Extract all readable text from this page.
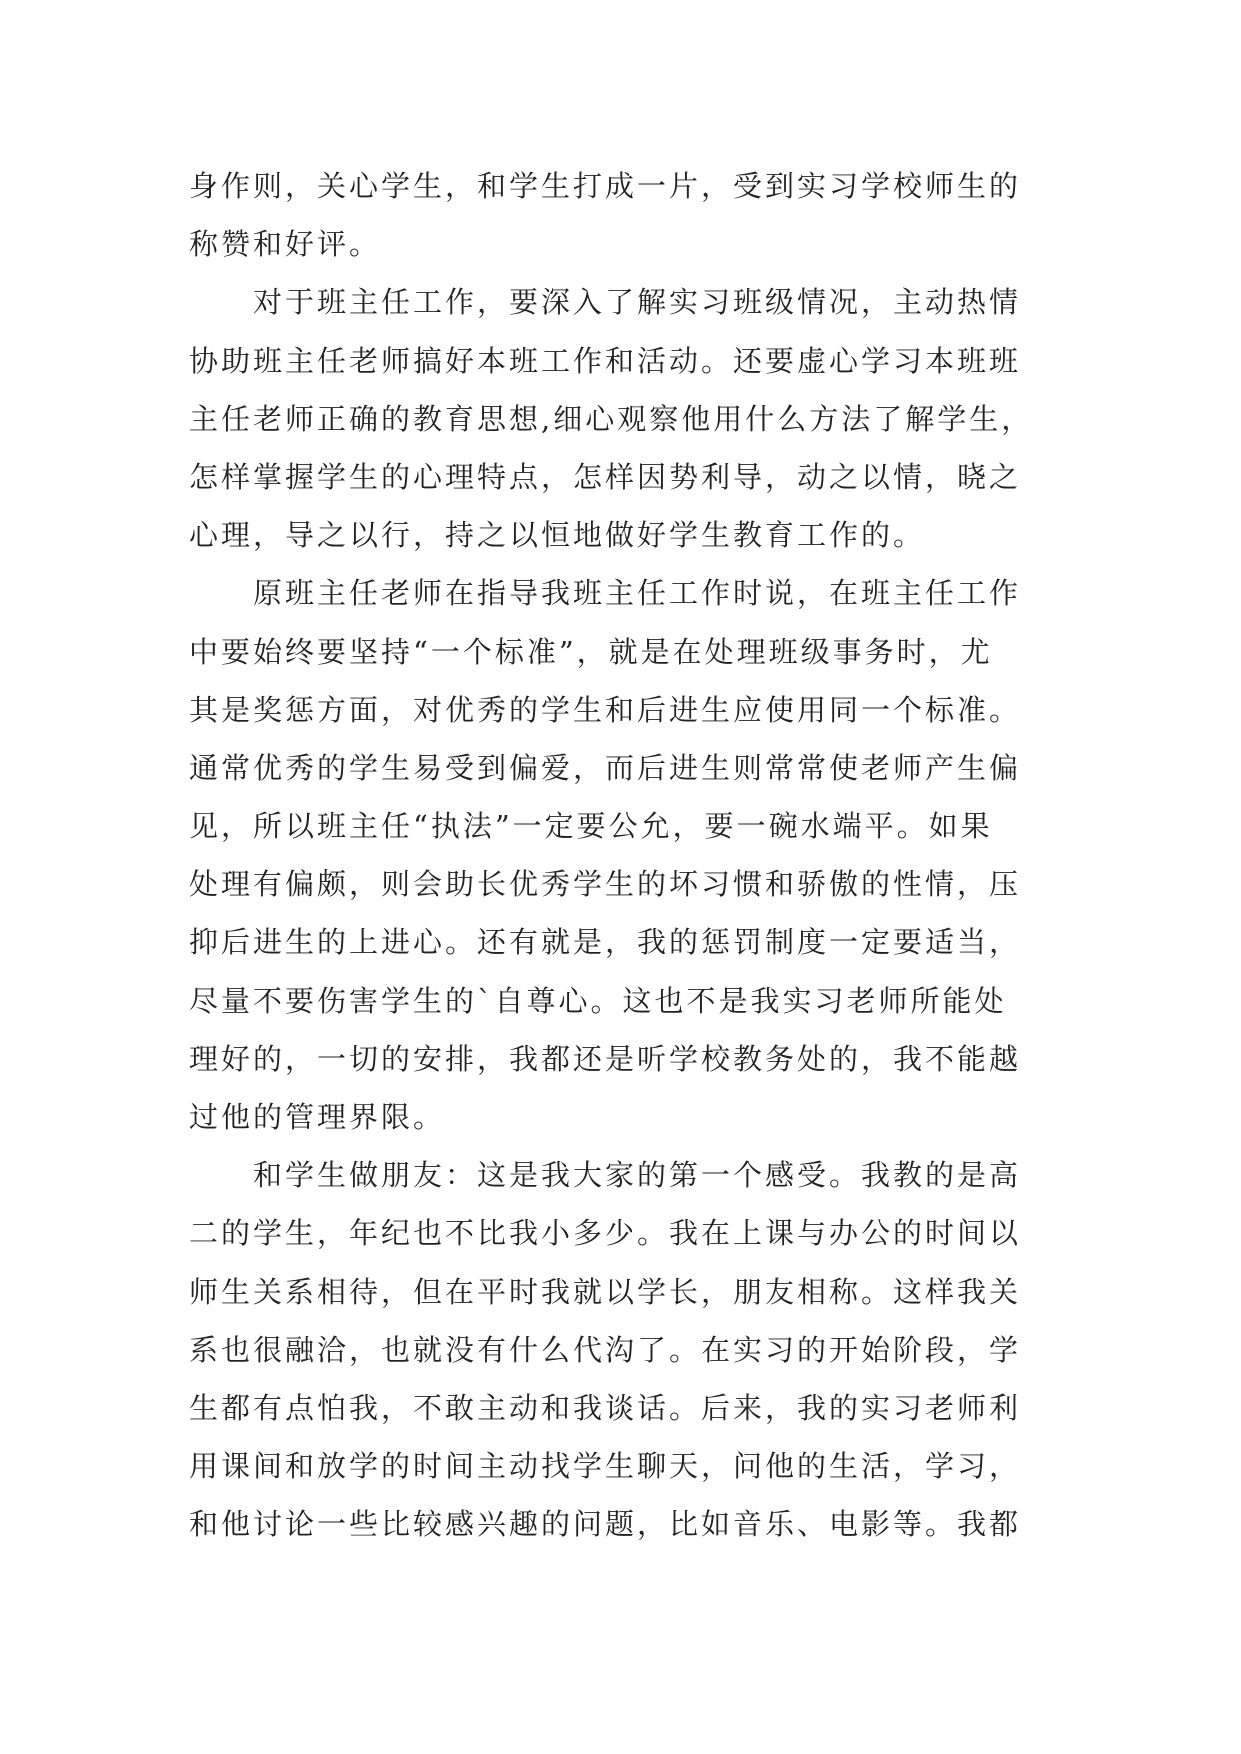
身作则，关心学生，和学生打成一片，受到实习学校师生的
称赞和好评。
　　对于班主任工作，要深入了解实习班级情况，主动热情
协助班主任老师搞好本班工作和活动。还要虚心学习本班班
主任老师正确的教育思想,细心观察他用什么方法了解学生，
怎样掌握学生的心理特点，怎样因势利导，动之以情，晓之
心理，导之以行，持之以恒地做好学生教育工作的。
　　原班主任老师在指导我班主任工作时说，在班主任工作
中要始终要坚持“一个标准”，就是在处理班级事务时，尤
其是奖惩方面，对优秀的学生和后进生应使用同一个标准。
通常优秀的学生易受到偏爱，而后进生则常常使老师产生偏
见，所以班主任“执法”一定要公允，要一碗水端平。如果
处理有偏颇，则会助长优秀学生的坏习惯和骄傲的性情，压
抑后进生的上进心。还有就是，我的惩罚制度一定要适当，
尽量不要伤害学生的`自尊心。这也不是我实习老师所能处
理好的，一切的安排，我都还是听学校教务处的，我不能越
过他的管理界限。
　　和学生做朋友：这是我大家的第一个感受。我教的是高
二的学生，年纪也不比我小多少。我在上课与办公的时间以
师生关系相待，但在平时我就以学长，朋友相称。这样我关
系也很融洽，也就没有什么代沟了。在实习的开始阶段，学
生都有点怕我，不敢主动和我谈话。后来，我的实习老师利
用课间和放学的时间主动找学生聊天，问他的生活，学习，
和他讨论一些比较感兴趣的问题，比如音乐、电影等。我都
